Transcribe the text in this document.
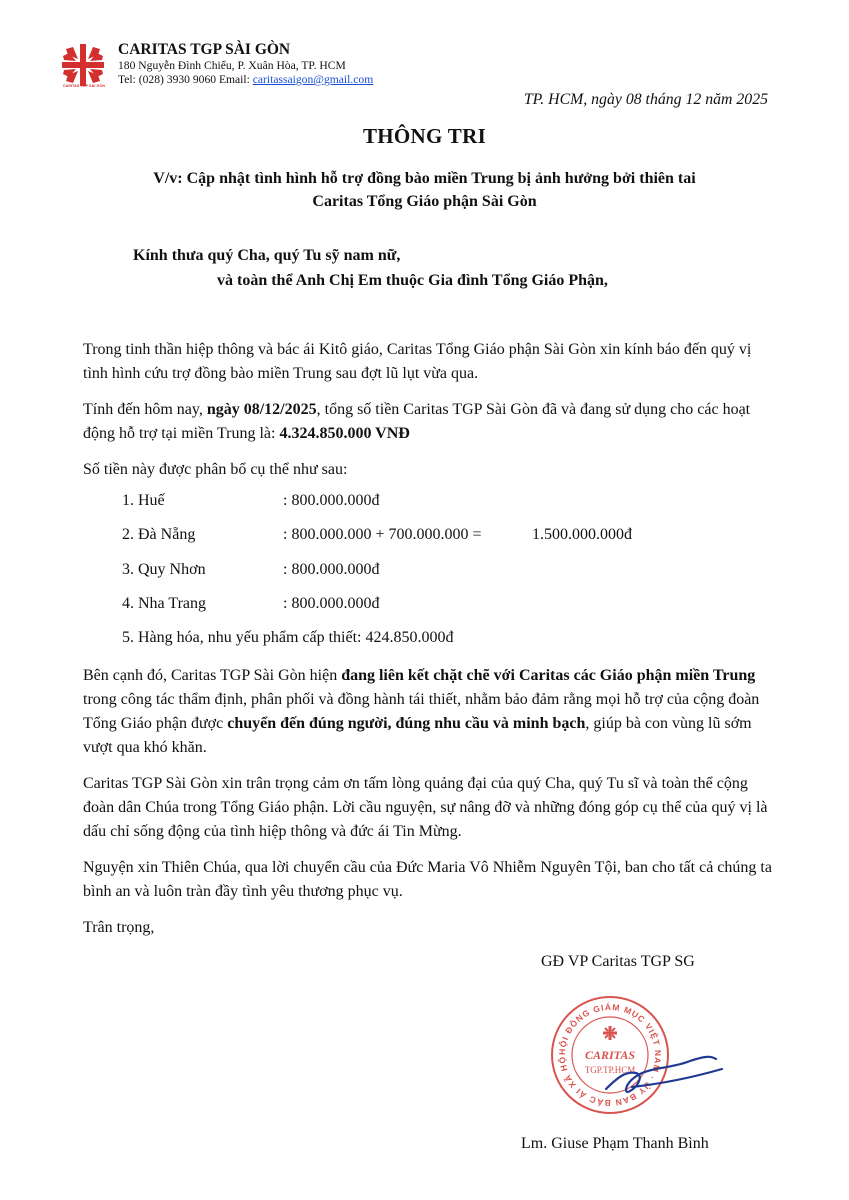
CARITAS TGP SÀI GÒN
CARITAS TGP SÀI GÒN
180 Nguyễn Đình Chiểu, P. Xuân Hòa, TP. HCM
Tel: (028) 3930 9060 Email: caritassaigon@gmail.com
TP. HCM, ngày 08 tháng 12 năm 2025
THÔNG TRI
V/v: Cập nhật tình hình hỗ trợ đồng bào miền Trung bị ảnh hưởng bởi thiên tai
Caritas Tổng Giáo phận Sài Gòn
Kính thưa quý Cha, quý Tu sỹ nam nữ,
và toàn thể Anh Chị Em thuộc Gia đình Tổng Giáo Phận,

Trong tinh thần hiệp thông và bác ái Kitô giáo, Caritas Tổng Giáo phận Sài Gòn xin kính báo đến quý vị tình hình cứu trợ đồng bào miền Trung sau đợt lũ lụt vừa qua.

Tính đến hôm nay, ngày 08/12/2025, tổng số tiền Caritas TGP Sài Gòn đã và đang sử dụng cho các hoạt động hỗ trợ tại miền Trung là: 4.324.850.000 VNĐ

Số tiền này được phân bổ cụ thể như sau:

1. Huế	: 800.000.000đ
2. Đà Nẵng	: 800.000.000 + 700.000.000 =	1.500.000.000đ
3. Quy Nhơn	: 800.000.000đ
4. Nha Trang	: 800.000.000đ
5. Hàng hóa, nhu yếu phẩm cấp thiết: 424.850.000đ

Bên cạnh đó, Caritas TGP Sài Gòn hiện đang liên kết chặt chẽ với Caritas các Giáo phận miền Trung trong công tác thẩm định, phân phối và đồng hành tái thiết, nhằm bảo đảm rằng mọi hỗ trợ của cộng đoàn Tổng Giáo phận được chuyển đến đúng người, đúng nhu cầu và minh bạch, giúp bà con vùng lũ sớm vượt qua khó khăn.

Caritas TGP Sài Gòn xin trân trọng cảm ơn tấm lòng quảng đại của quý Cha, quý Tu sĩ và toàn thể cộng đoàn dân Chúa trong Tổng Giáo phận. Lời cầu nguyện, sự nâng đỡ và những đóng góp cụ thể của quý vị là dấu chỉ sống động của tình hiệp thông và đức ái Tin Mừng.

Nguyện xin Thiên Chúa, qua lời chuyển cầu của Đức Maria Vô Nhiễm Nguyên Tội, ban cho tất cả chúng ta bình an và luôn tràn đầy tình yêu thương phục vụ.

Trân trọng,

GĐ VP Caritas TGP SG
HỘI ĐỒNG GIÁM MỤC VIỆT NAM · ỦY BAN BÁC ÁI XÃ HỘ	CARITAS
TGP.TP.HCM
Lm. Giuse Phạm Thanh Bình
